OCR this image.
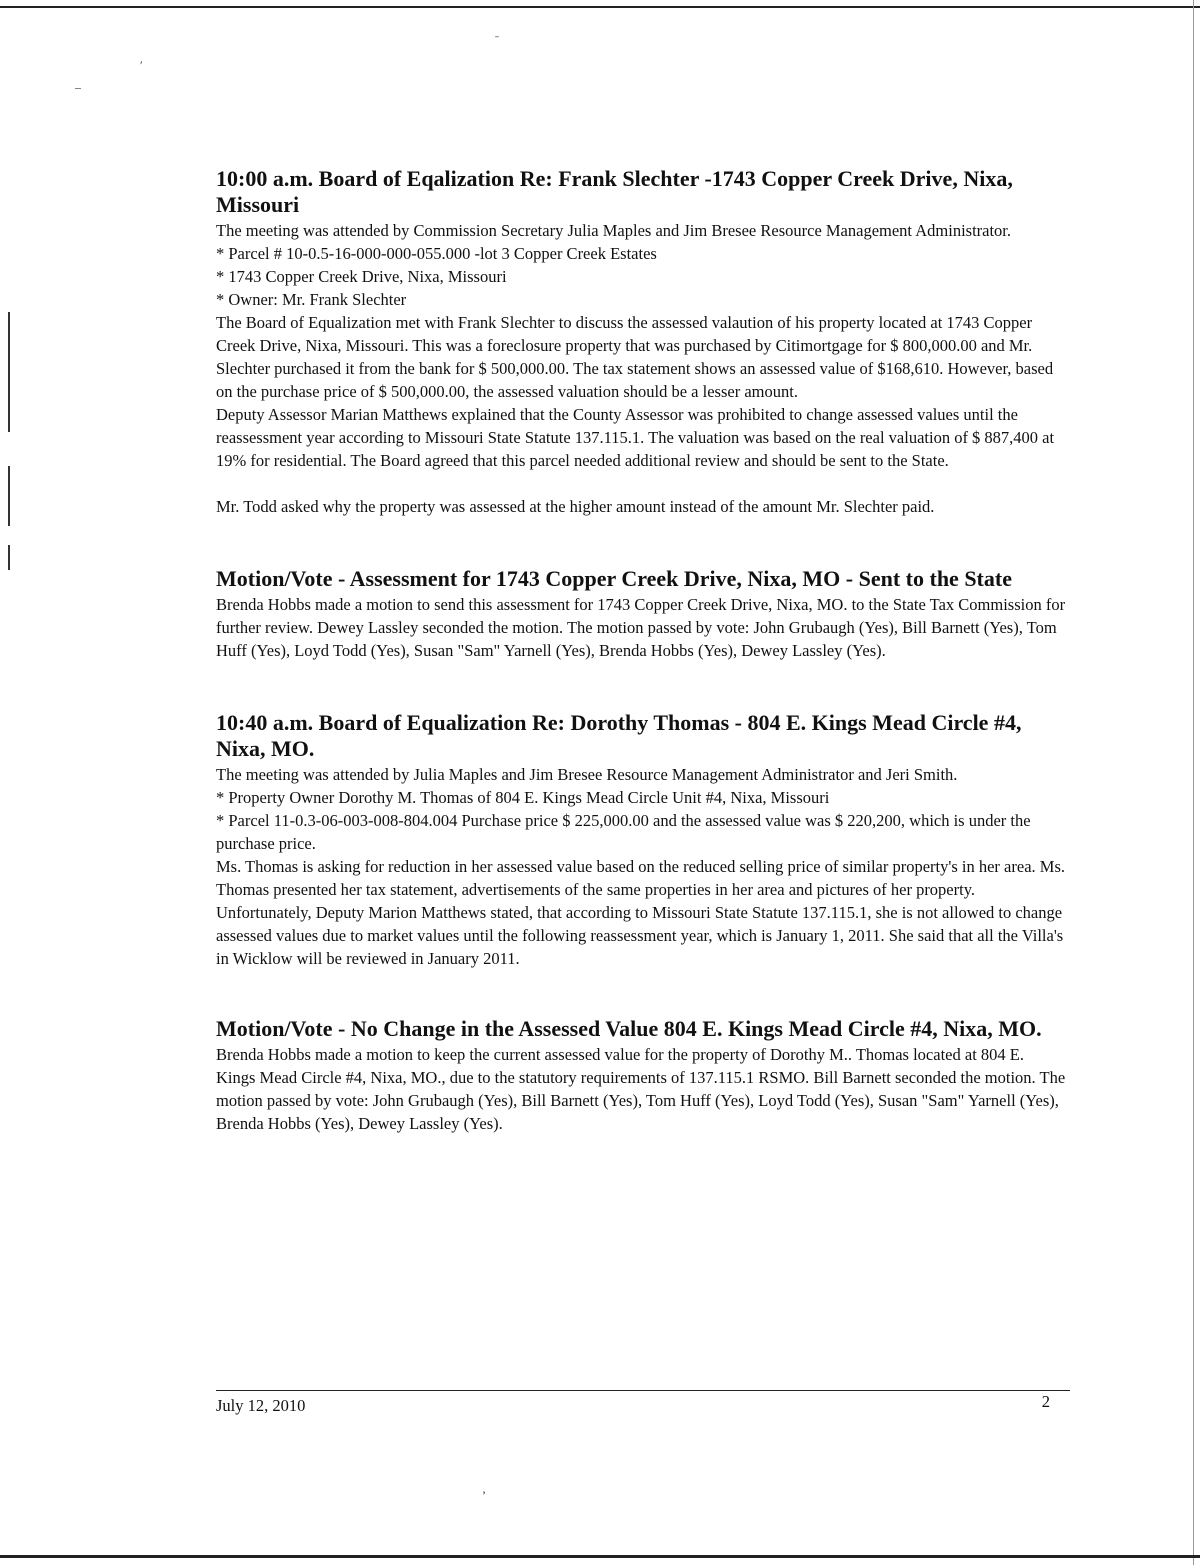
′
–
˗
10:00 a.m. Board of Eqalization Re: Frank Slechter -1743 Copper Creek Drive, Nixa, Missouri

The meeting was attended by Commission Secretary Julia Maples and Jim Bresee Resource Management Administrator.

* Parcel # 10-0.5-16-000-000-055.000 -lot 3 Copper Creek Estates

* 1743 Copper Creek Drive, Nixa, Missouri

* Owner: Mr. Frank Slechter

The Board of Equalization met with Frank Slechter to discuss the assessed valaution of his property located at 1743 Copper Creek Drive, Nixa, Missouri. This was a foreclosure property that was purchased by Citimortgage for $ 800,000.00 and Mr. Slechter purchased it from the bank for $ 500,000.00. The tax statement shows an assessed value of $168,610. However, based on the purchase price of $ 500,000.00, the assessed valuation should be a lesser amount.

Deputy Assessor Marian Matthews explained that the County Assessor was prohibited to change assessed values until the reassessment year according to Missouri State Statute 137.115.1. The valuation was based on the real valuation of $ 887,400 at 19% for residential. The Board agreed that this parcel needed additional review and should be sent to the State.

Mr. Todd asked why the property was assessed at the higher amount instead of the amount Mr. Slechter paid.

Motion/Vote - Assessment for 1743 Copper Creek Drive, Nixa, MO - Sent to the State

Brenda Hobbs made a motion to send this assessment for 1743 Copper Creek Drive, Nixa, MO. to the State Tax Commission for further review. Dewey Lassley seconded the motion. The motion passed by vote: John Grubaugh (Yes), Bill Barnett (Yes), Tom Huff (Yes), Loyd Todd (Yes), Susan "Sam" Yarnell (Yes), Brenda Hobbs (Yes), Dewey Lassley (Yes).

10:40 a.m. Board of Equalization Re: Dorothy Thomas - 804 E. Kings Mead Circle #4, Nixa, MO.

The meeting was attended by Julia Maples and Jim Bresee Resource Management Administrator and Jeri Smith.

* Property Owner Dorothy M. Thomas of 804 E. Kings Mead Circle Unit #4, Nixa, Missouri

* Parcel 11-0.3-06-003-008-804.004 Purchase price $ 225,000.00 and the assessed value was $ 220,200, which is under the purchase price.

Ms. Thomas is asking for reduction in her assessed value based on the reduced selling price of similar property's in her area. Ms. Thomas presented her tax statement, advertisements of the same properties in her area and pictures of her property.

Unfortunately, Deputy Marion Matthews stated, that according to Missouri State Statute 137.115.1, she is not allowed to change assessed values due to market values until the following reassessment year, which is January 1, 2011. She said that all the Villa's in Wicklow will be reviewed in January 2011.

Motion/Vote - No Change in the Assessed Value 804 E. Kings Mead Circle #4, Nixa, MO.

Brenda Hobbs made a motion to keep the current assessed value for the property of Dorothy M.. Thomas located at 804 E. Kings Mead Circle #4, Nixa, MO., due to the statutory requirements of 137.115.1 RSMO. Bill Barnett seconded the motion. The motion passed by vote: John Grubaugh (Yes), Bill Barnett (Yes), Tom Huff (Yes), Loyd Todd (Yes), Susan "Sam" Yarnell (Yes), Brenda Hobbs (Yes), Dewey Lassley (Yes).

July 12, 2010	2
’
